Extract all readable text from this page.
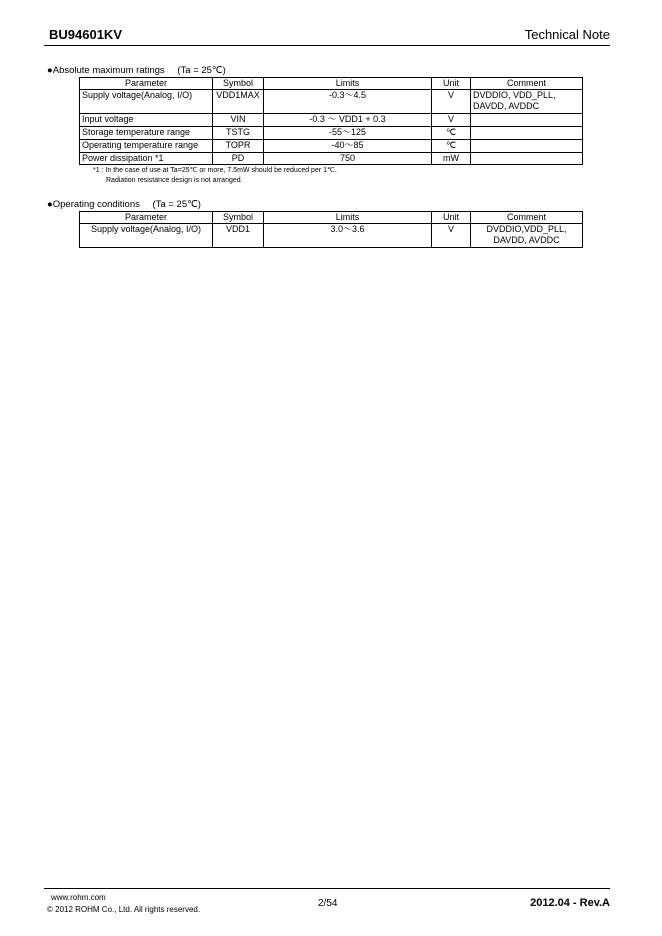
BU94601KV	Technical Note
●Absolute maximum ratings (Ta = 25℃)
Parameter	Symbol	Limits	Unit	Comment
Supply voltage(Analog, I/O)	VDD1MAX	-0.3～4.5	V	DVDDIO, VDD_PLL, DAVDD, AVDDC
Input voltage	VIN	-0.3 ～ VDD1 + 0.3	V	
Storage temperature range	TSTG	-55～125	℃	
Operating temperature range	TOPR	-40～85	℃	
Power dissipation *1	PD	750	mW	
*1 : In the case of use at Ta=25℃ or more, 7.5mW should be reduced per 1℃.
Radiation resistance design is not arranged.
●Operating conditions (Ta = 25℃)
Parameter	Symbol	Limits	Unit	Comment
Supply voltage(Analog, I/O)	VDD1	3.0～3.6	V	DVDDIO,VDD_PLL, DAVDD, AVDDC
www.rohm.com
© 2012 ROHM Co., Ltd. All rights reserved.
2/54	2012.04 - Rev.A
